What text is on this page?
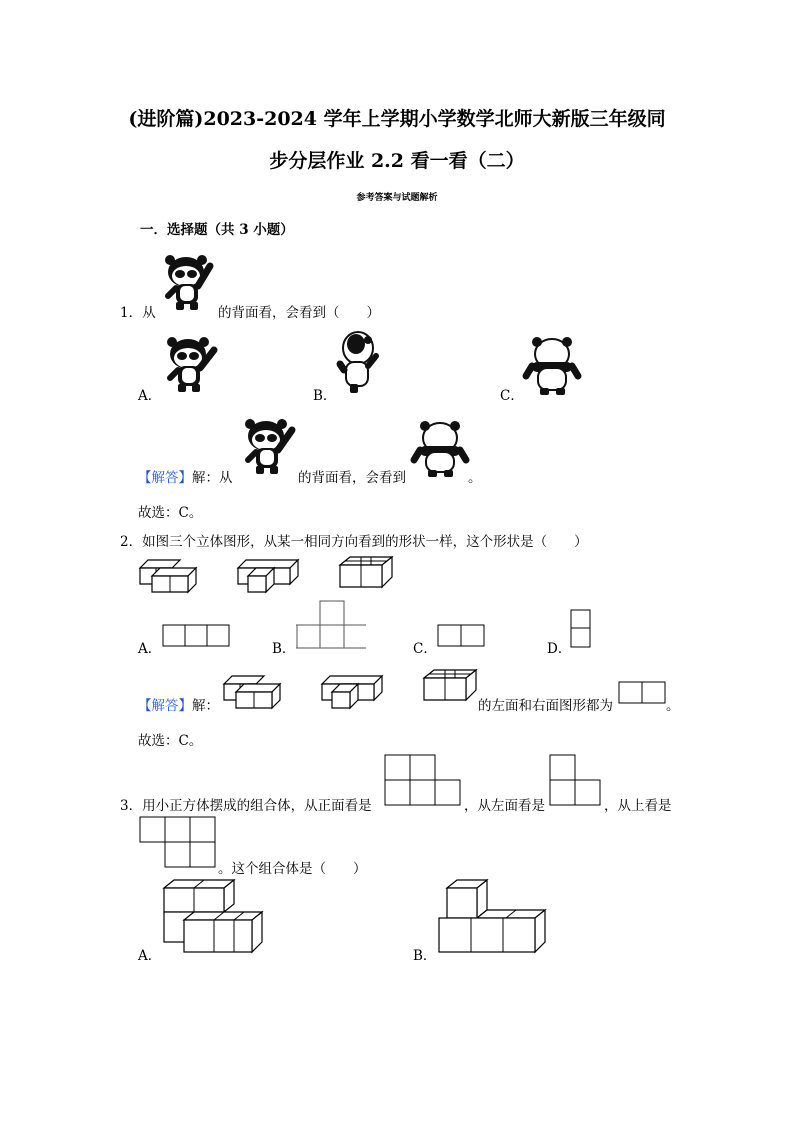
(进阶篇)2023-2024 学年上学期小学数学北师大新版三年级同
步分层作业 2.2 看一看（二）
参考答案与试题解析
一．选择题（共 3 小题）
1．从	的背面看，会看到（　　）
A．	B．	C．
【解答】解：从	的背面看，会看到	。
故选：C。
2．如图三个立体图形，从某一相同方向看到的形状一样，这个形状是（　　）
A．	B．	C．	D．
【解答】解：	的左面和右面图形都为	。
故选：C。
3．用小正方体摆成的组合体，从正面看是	，从左面看是	，从上看是
。这个组合体是（　　）
A．	B．
